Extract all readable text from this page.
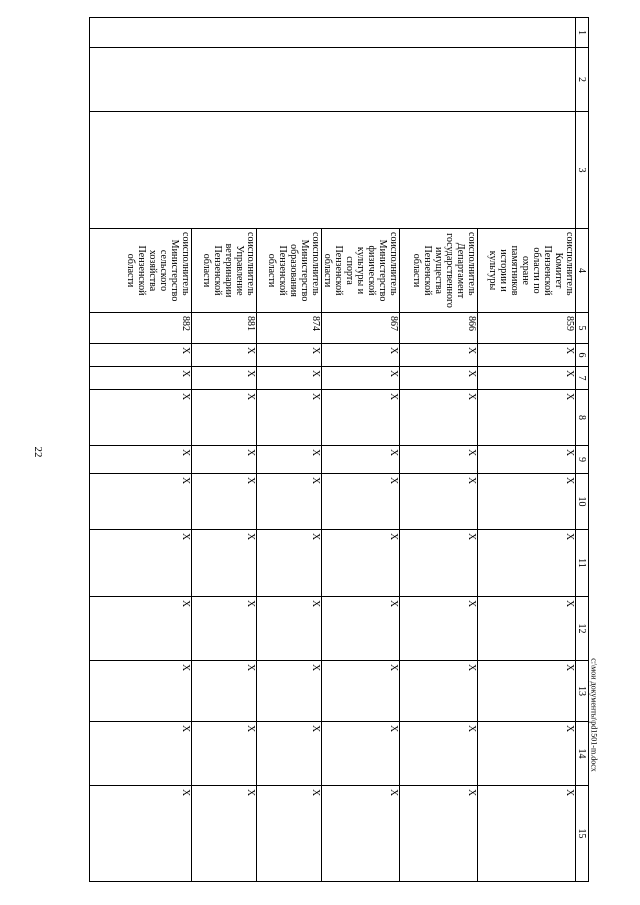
22
1	2	3	4	5	6	7	8	9	10	11	12	13	14	15

			соисполнитель
Комитет Пензенской области по охране памятников истории и культуры	859	Х	Х	Х	Х	Х	Х	Х	Х	Х	Х

			соисполнитель
Департамент государственного имущества Пензенской области	866	Х	Х	Х	Х	Х	Х	Х	Х	Х	Х

			соисполнитель
Министерство физической культуры и спорта Пензенской области	867	Х	Х	Х	Х	Х	Х	Х	Х	Х	Х

			соисполнитель
Министерство образования Пензенской области	874	Х	Х	Х	Х	Х	Х	Х	Х	Х	Х

			соисполнитель
Управление ветеринарии Пензенской области	881	Х	Х	Х	Х	Х	Х	Х	Х	Х	Х

			соисполнитель
Министерство сельского хозяйства Пензенской области	882	Х	Х	Х	Х	Х	Х	Х	Х	Х	Х
c:\мои документы\pd1501-m.docx
